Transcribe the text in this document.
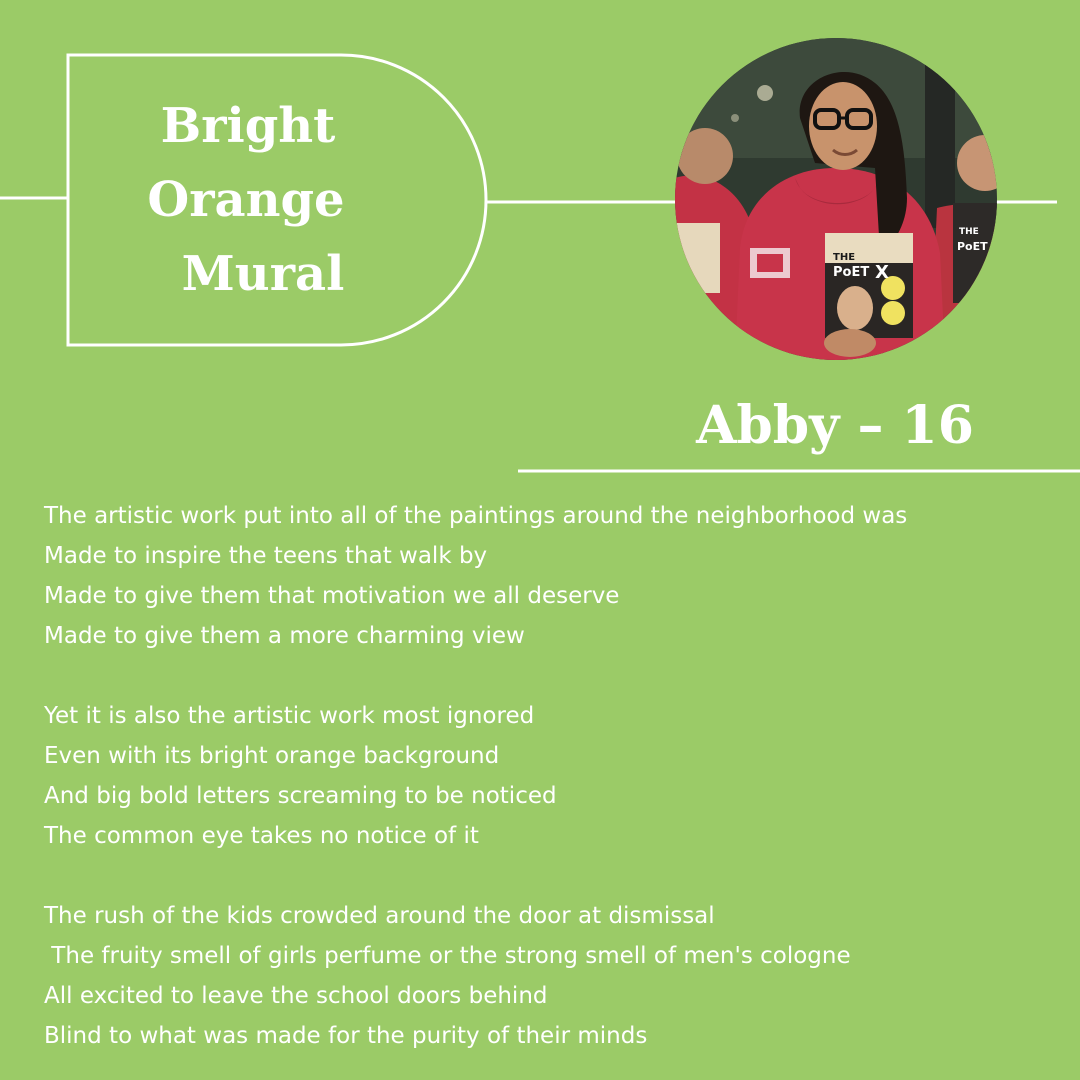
Bright

Orange

Mural	THE
PoET X
THE
PoET

Abby – 16

The artistic work put into all of the paintings around the neighborhood was
Made to inspire the teens that walk by
Made to give them that motivation we all deserve
Made to give them a more charming view
Yet it is also the artistic work most ignored
Even with its bright orange background
And big bold letters screaming to be noticed
The common eye takes no notice of it
The rush of the kids crowded around the door at dismissal
The fruity smell of girls perfume or the strong smell of men's cologne
All excited to leave the school doors behind
Blind to what was made for the purity of their minds
